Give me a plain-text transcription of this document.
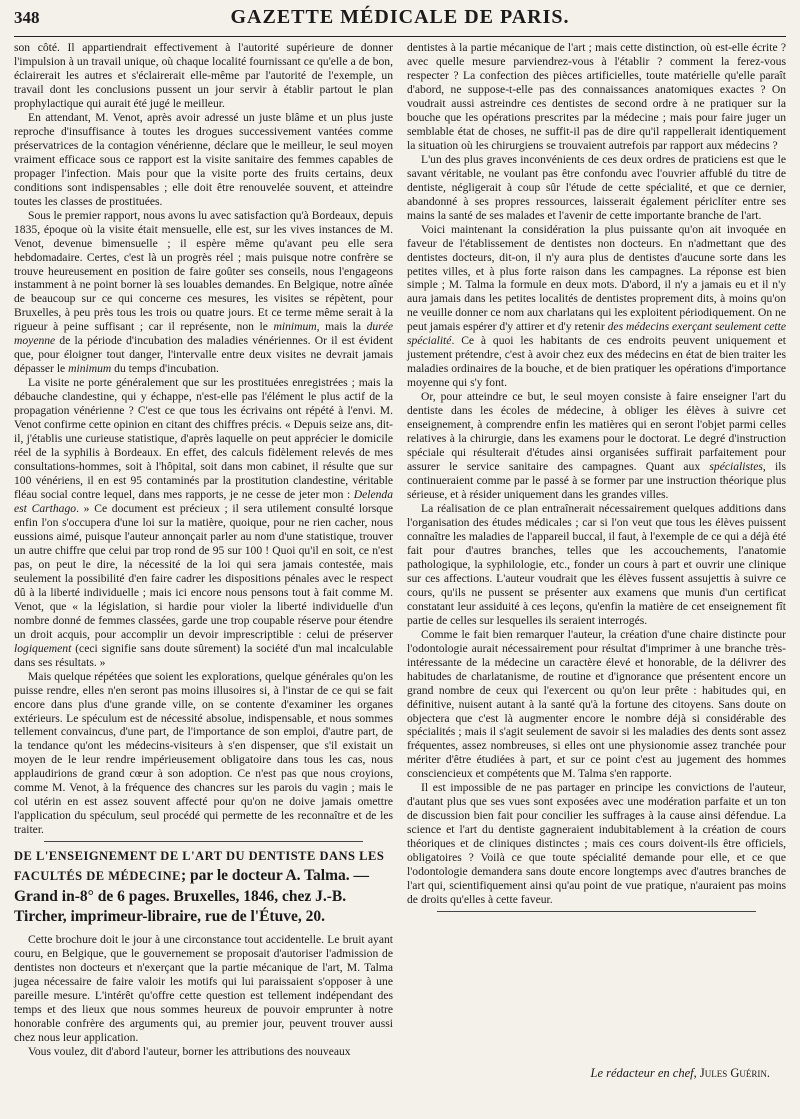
348	GAZETTE MÉDICALE DE PARIS.

son côté. Il appartiendrait effectivement à l'autorité supérieure de donner l'impulsion à un travail unique, où chaque localité fournissant ce qu'elle a de bon, éclairerait les autres et s'éclairerait elle-même par l'autorité de l'exemple, un travail dont les conclusions pussent un jour servir à établir partout le plan prophylactique qui aurait été jugé le meilleur.

En attendant, M. Venot, après avoir adressé un juste blâme et un plus juste reproche d'insuffisance à toutes les drogues successivement vantées comme préservatrices de la contagion vénérienne, déclare que le meilleur, le seul moyen vraiment efficace sous ce rapport est la visite sanitaire des femmes capables de propager l'infection. Mais pour que la visite porte des fruits certains, deux conditions sont indispensables ; elle doit être renouvelée souvent, et atteindre toutes les classes de prostituées.

Sous le premier rapport, nous avons lu avec satisfaction qu'à Bordeaux, depuis 1835, époque où la visite était mensuelle, elle est, sur les vives instances de M. Venot, devenue bimensuelle ; il espère même qu'avant peu elle sera hebdomadaire. Certes, c'est là un progrès réel ; mais puisque notre confrère se trouve heureusement en position de faire goûter ses conseils, nous l'engageons instamment à ne point borner là ses louables demandes. En Belgique, notre aînée de beaucoup sur ce qui concerne ces mesures, les visites se répètent, pour Bruxelles, à peu près tous les trois ou quatre jours. Et ce terme même serait à la rigueur à peine suffisant ; car il représente, non le minimum, mais la durée moyenne de la période d'incubation des maladies vénériennes. Or il est évident que, pour éloigner tout danger, l'intervalle entre deux visites ne devrait jamais dépasser le minimum du temps d'incubation.

La visite ne porte généralement que sur les prostituées enregistrées ; mais la débauche clandestine, qui y échappe, n'est-elle pas l'élément le plus actif de la propagation vénérienne ? C'est ce que tous les écrivains ont répété à l'envi. M. Venot confirme cette opinion en citant des chiffres précis. « Depuis seize ans, dit-il, j'établis une curieuse statistique, d'après laquelle on peut apprécier le domicile réel de la syphilis à Bordeaux. En effet, des calculs fidèlement relevés de mes consultations-hommes, soit à l'hôpital, soit dans mon cabinet, il résulte que sur 100 vénériens, il en est 95 contaminés par la prostitution clandestine, véritable fléau social contre lequel, dans mes rapports, je ne cesse de jeter mon : Delenda est Carthago. » Ce document est précieux ; il sera utilement consulté lorsque enfin l'on s'occupera d'une loi sur la matière, quoique, pour ne rien cacher, nous eussions aimé, puisque l'auteur annonçait parler au nom d'une statistique, trouver un autre chiffre que celui par trop rond de 95 sur 100 ! Quoi qu'il en soit, ce n'est pas, on peut le dire, la nécessité de la loi qui sera jamais contestée, mais seulement la possibilité d'en faire cadrer les dispositions pénales avec le respect dû à la liberté individuelle ; mais ici encore nous pensons tout à fait comme M. Venot, que « la législation, si hardie pour violer la liberté individuelle d'un nombre donné de femmes classées, garde une trop coupable réserve pour étendre un droit acquis, pour accomplir un devoir imprescriptible : celui de préserver logiquement (ceci signifie sans doute sûrement) la société d'un mal incalculable dans ses résultats. »

Mais quelque répétées que soient les explorations, quelque générales qu'on les puisse rendre, elles n'en seront pas moins illusoires si, à l'instar de ce qui se fait encore dans plus d'une grande ville, on se contente d'examiner les organes extérieurs. Le spéculum est de nécessité absolue, indispensable, et nous sommes tellement convaincus, d'une part, de l'importance de son emploi, d'autre part, de la tendance qu'ont les médecins-visiteurs à s'en dispenser, que s'il existait un moyen de le leur rendre impérieusement obligatoire dans tous les cas, nous applaudirions de grand cœur à son adoption. Ce n'est pas que nous croyions, comme M. Venot, à la fréquence des chancres sur les parois du vagin ; mais le col utérin en est assez souvent affecté pour qu'on ne doive jamais omettre l'application du spéculum, seul procédé qui permette de les reconnaître et de les traiter.

DE L'ENSEIGNEMENT DE L'ART DU DENTISTE DANS LES FACULTÉS DE MÉDECINE; par le docteur A. Talma. — Grand in-8° de 6 pages. Bruxelles, 1846, chez J.-B. Tircher, imprimeur-libraire, rue de l'Étuve, 20.

Cette brochure doit le jour à une circonstance tout accidentelle. Le bruit ayant couru, en Belgique, que le gouvernement se proposait d'autoriser l'admission de dentistes non docteurs et n'exerçant que la partie mécanique de l'art, M. Talma jugea nécessaire de faire valoir les motifs qui lui paraissaient s'opposer à une pareille mesure. L'intérêt qu'offre cette question est tellement indépendant des temps et des lieux que nous sommes heureux de pouvoir emprunter à notre honorable confrère des arguments qui, au premier jour, peuvent trouver aussi chez nous leur application.

Vous voulez, dit d'abord l'auteur, borner les attributions des nouveaux

dentistes à la partie mécanique de l'art ; mais cette distinction, où est-elle écrite ? avec quelle mesure parviendrez-vous à l'établir ? comment la ferez-vous respecter ? La confection des pièces artificielles, toute matérielle qu'elle paraît d'abord, ne suppose-t-elle pas des connaissances anatomiques exactes ? On voudrait aussi astreindre ces dentistes de second ordre à ne pratiquer sur la bouche que les opérations prescrites par la médecine ; mais pour faire juger un semblable état de choses, ne suffit-il pas de dire qu'il rappellerait identiquement la situation où les chirurgiens se trouvaient autrefois par rapport aux médecins ?

L'un des plus graves inconvénients de ces deux ordres de praticiens est que le savant véritable, ne voulant pas être confondu avec l'ouvrier affublé du titre de dentiste, négligerait à coup sûr l'étude de cette spécialité, et que ce dernier, abandonné à ses propres ressources, laisserait également périclíter entre ses mains la santé de ses malades et l'avenir de cette importante branche de l'art.

Voici maintenant la considération la plus puissante qu'on ait invoquée en faveur de l'établissement de dentistes non docteurs. En n'admettant que des dentistes docteurs, dit-on, il n'y aura plus de dentistes d'aucune sorte dans les petites villes, et à plus forte raison dans les campagnes. La réponse est bien simple ; M. Talma la formule en deux mots. D'abord, il n'y a jamais eu et il n'y aura jamais dans les petites localités de dentistes proprement dits, à moins qu'on ne veuille donner ce nom aux charlatans qui les exploitent périodiquement. On ne peut jamais espérer d'y attirer et d'y retenir des médecins exerçant seulement cette spécialité. Ce à quoi les habitants de ces endroits peuvent uniquement et justement prétendre, c'est à avoir chez eux des médecins en état de bien traiter les maladies ordinaires de la bouche, et de bien pratiquer les opérations d'importance moyenne qui s'y font.

Or, pour atteindre ce but, le seul moyen consiste à faire enseigner l'art du dentiste dans les écoles de médecine, à obliger les élèves à suivre cet enseignement, à comprendre enfin les matières qui en seront l'objet parmi celles relatives à la chirurgie, dans les examens pour le doctorat. Le degré d'instruction spéciale qui résulterait d'études ainsi organisées suffirait parfaitement pour assurer le service sanitaire des campagnes. Quant aux spécialistes, ils continueraient comme par le passé à se former par une instruction théorique plus sérieuse, et à résider uniquement dans les grandes villes.

La réalisation de ce plan entraînerait nécessairement quelques additions dans l'organisation des études médicales ; car si l'on veut que tous les élèves puissent connaître les maladies de l'appareil buccal, il faut, à l'exemple de ce qui a déjà été fait pour d'autres branches, telles que les accouchements, l'anatomie pathologique, la syphilologie, etc., fonder un cours à part et ouvrir une clinique sur ces affections. L'auteur voudrait que les élèves fussent assujettis à suivre ce cours, qu'ils ne pussent se présenter aux examens que munis d'un certificat constatant leur assiduité à ces leçons, qu'enfin la matière de cet enseignement fît partie de celles sur lesquelles ils seraient interrogés.

Comme le fait bien remarquer l'auteur, la création d'une chaire distincte pour l'odontologie aurait nécessairement pour résultat d'imprimer à une branche très-intéressante de la médecine un caractère élevé et honorable, de la délivrer des habitudes de charlatanisme, de routine et d'ignorance que présentent encore un grand nombre de ceux qui l'exercent ou qu'on leur prête : habitudes qui, en définitive, nuisent autant à la santé qu'à la fortune des citoyens. Sans doute on objectera que c'est là augmenter encore le nombre déjà si considérable des spécialités ; mais il s'agit seulement de savoir si les maladies des dents sont assez fréquentes, assez nombreuses, si elles ont une physionomie assez tranchée pour mériter d'être étudiées à part, et sur ce point c'est au jugement des hommes consciencieux et compétents que M. Talma s'en rapporte.

Il est impossible de ne pas partager en principe les convictions de l'auteur, d'autant plus que ses vues sont exposées avec une modération parfaite et un ton de discussion bien fait pour concilier les suffrages à la cause ainsi défendue. La science et l'art du dentiste gagneraient indubitablement à la création de cours théoriques et de cliniques distinctes ; mais ces cours doivent-ils être officiels, obligatoires ? Voilà ce que toute spécialité demande pour elle, et ce que l'odontologie demandera sans doute encore longtemps avec d'autres branches de l'art qui, scientifiquement ainsi qu'au point de vue pratique, n'auraient pas moins de droits qu'elles à cette faveur.

Le rédacteur en chef, Jules Guérin.
